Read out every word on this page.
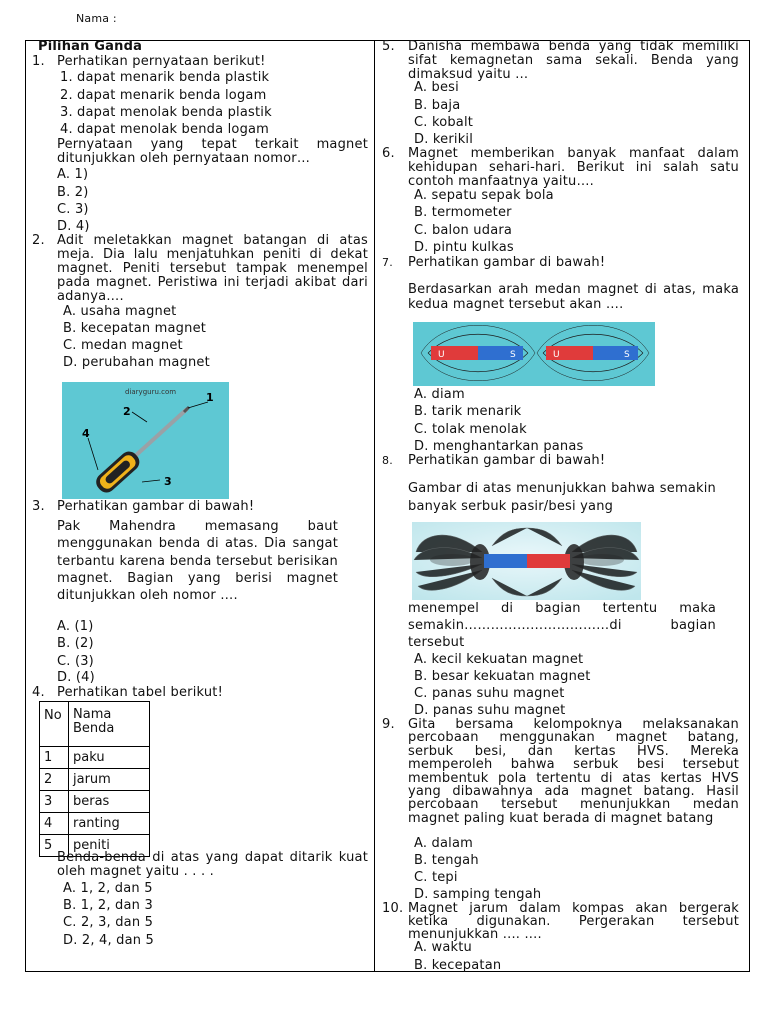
Nama :
Pilihan Ganda
1. Perhatikan pernyataan berikut!
1. dapat menarik benda plastik
2. dapat menarik benda logam
3. dapat menolak benda plastik
4. dapat menolak benda logam
Pernyataan yang tepat terkait magnet ditunjukkan oleh pernyataan nomor…
A. 1)
B. 2)
C. 3)
D. 4)
2. Adit meletakkan magnet batangan di atas meja. Dia lalu menjatuhkan peniti di dekat magnet. Peniti tersebut tampak menempel pada magnet. Peristiwa ini terjadi akibat dari adanya….
A. usaha magnet
B. kecepatan magnet
C. medan magnet
D. perubahan magnet
diaryguru.com	1
2
3
4
3. Perhatikan gambar di bawah!
Pak Mahendra memasang baut menggunakan benda di atas. Dia sangat terbantu karena benda tersebut berisikan magnet. Bagian yang berisi magnet ditunjukkan oleh nomor ….
A. (1)
B. (2)
C. (3)
D. (4)
4. Perhatikan tabel berikut!
No	Nama Benda
1	paku
2	jarum
3	beras
4	ranting
5	peniti
Benda-benda di atas yang dapat ditarik kuat oleh magnet yaitu . . . .
A. 1, 2, dan 5
B. 1, 2, dan 3
C. 2, 3, dan 5
D. 2, 4, dan 5
5. Danisha membawa benda yang tidak memiliki sifat kemagnetan sama sekali. Benda yang dimaksud yaitu …
A. besi
B. baja
C. kobalt
D. kerikil
6. Magnet memberikan banyak manfaat dalam kehidupan sehari-hari. Berikut ini salah satu contoh manfaatnya yaitu….
A. sepatu sepak bola
B. termometer
C. balon udara
D. pintu kulkas
7. Perhatikan gambar di bawah!
Berdasarkan arah medan magnet di atas, maka kedua magnet tersebut akan ….
U	S	U	S
A. diam
B. tarik menarik
C. tolak menolak
D. menghantarkan panas
8. Perhatikan gambar di bawah!
Gambar di atas menunjukkan bahwa semakin banyak serbuk pasir/besi yang
menempel di bagian tertentu maka semakin……………………………di bagian tersebut
A. kecil kekuatan magnet
B. besar kekuatan magnet
C. panas suhu magnet
D. panas suhu magnet
9. Gita bersama kelompoknya melaksanakan percobaan menggunakan magnet batang, serbuk besi, dan kertas HVS. Mereka memperoleh bahwa serbuk besi tersebut membentuk pola tertentu di atas kertas HVS yang dibawahnya ada magnet batang. Hasil percobaan tersebut menunjukkan medan magnet paling kuat berada di magnet batang
A. dalam
B. tengah
C. tepi
D. samping tengah
10. Magnet jarum dalam kompas akan bergerak ketika digunakan. Pergerakan tersebut menunjukkan .... ....
A. waktu
B. kecepatan
